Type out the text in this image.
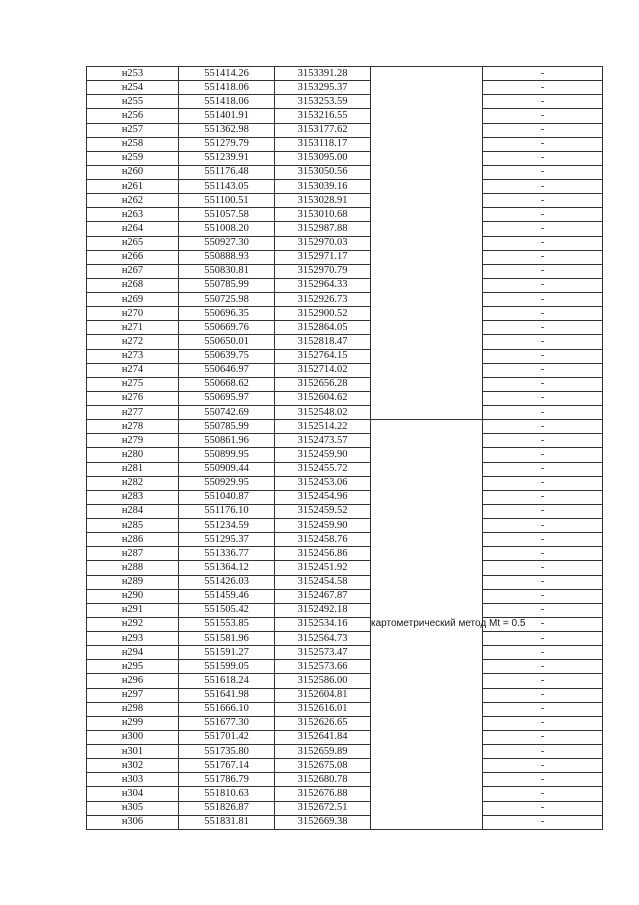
н253	551414.26	3153391.28		-
н254	551418.06	3153295.37		-
н255	551418.06	3153253.59		-
н256	551401.91	3153216.55		-
н257	551362.98	3153177.62		-
н258	551279.79	3153118.17		-
н259	551239.91	3153095.00		-
н260	551176.48	3153050.56		-
н261	551143.05	3153039.16		-
н262	551100.51	3153028.91		-
н263	551057.58	3153010.68		-
н264	551008.20	3152987.88		-
н265	550927.30	3152970.03		-
н266	550888.93	3152971.17		-
н267	550830.81	3152970.79		-
н268	550785.99	3152964.33		-
н269	550725.98	3152926.73		-
н270	550696.35	3152900.52		-
н271	550669.76	3152864.05		-
н272	550650.01	3152818.47		-
н273	550639.75	3152764.15		-
н274	550646.97	3152714.02		-
н275	550668.62	3152656.28		-
н276	550695.97	3152604.62		-
н277	550742.69	3152548.02		-
н278	550785.99	3152514.22	картометрический метод Mt = 0.5	-
н279	550861.96	3152473.57		-
н280	550899.95	3152459.90		-
н281	550909.44	3152455.72		-
н282	550929.95	3152453.06		-
н283	551040.87	3152454.96		-
н284	551176.10	3152459.52		-
н285	551234.59	3152459.90		-
н286	551295.37	3152458.76		-
н287	551336.77	3152456.86		-
н288	551364.12	3152451.92		-
н289	551426.03	3152454.58		-
н290	551459.46	3152467.87		-
н291	551505.42	3152492.18		-
н292	551553.85	3152534.16		-
н293	551581.96	3152564.73		-
н294	551591.27	3152573.47		-
н295	551599.05	3152573.66		-
н296	551618.24	3152586.00		-
н297	551641.98	3152604.81		-
н298	551666.10	3152616.01		-
н299	551677.30	3152626.65		-
н300	551701.42	3152641.84		-
н301	551735.80	3152659.89		-
н302	551767.14	3152675.08		-
н303	551786.79	3152680.78		-
н304	551810.63	3152676.88		-
н305	551826.87	3152672.51		-
н306	551831.81	3152669.38		-
